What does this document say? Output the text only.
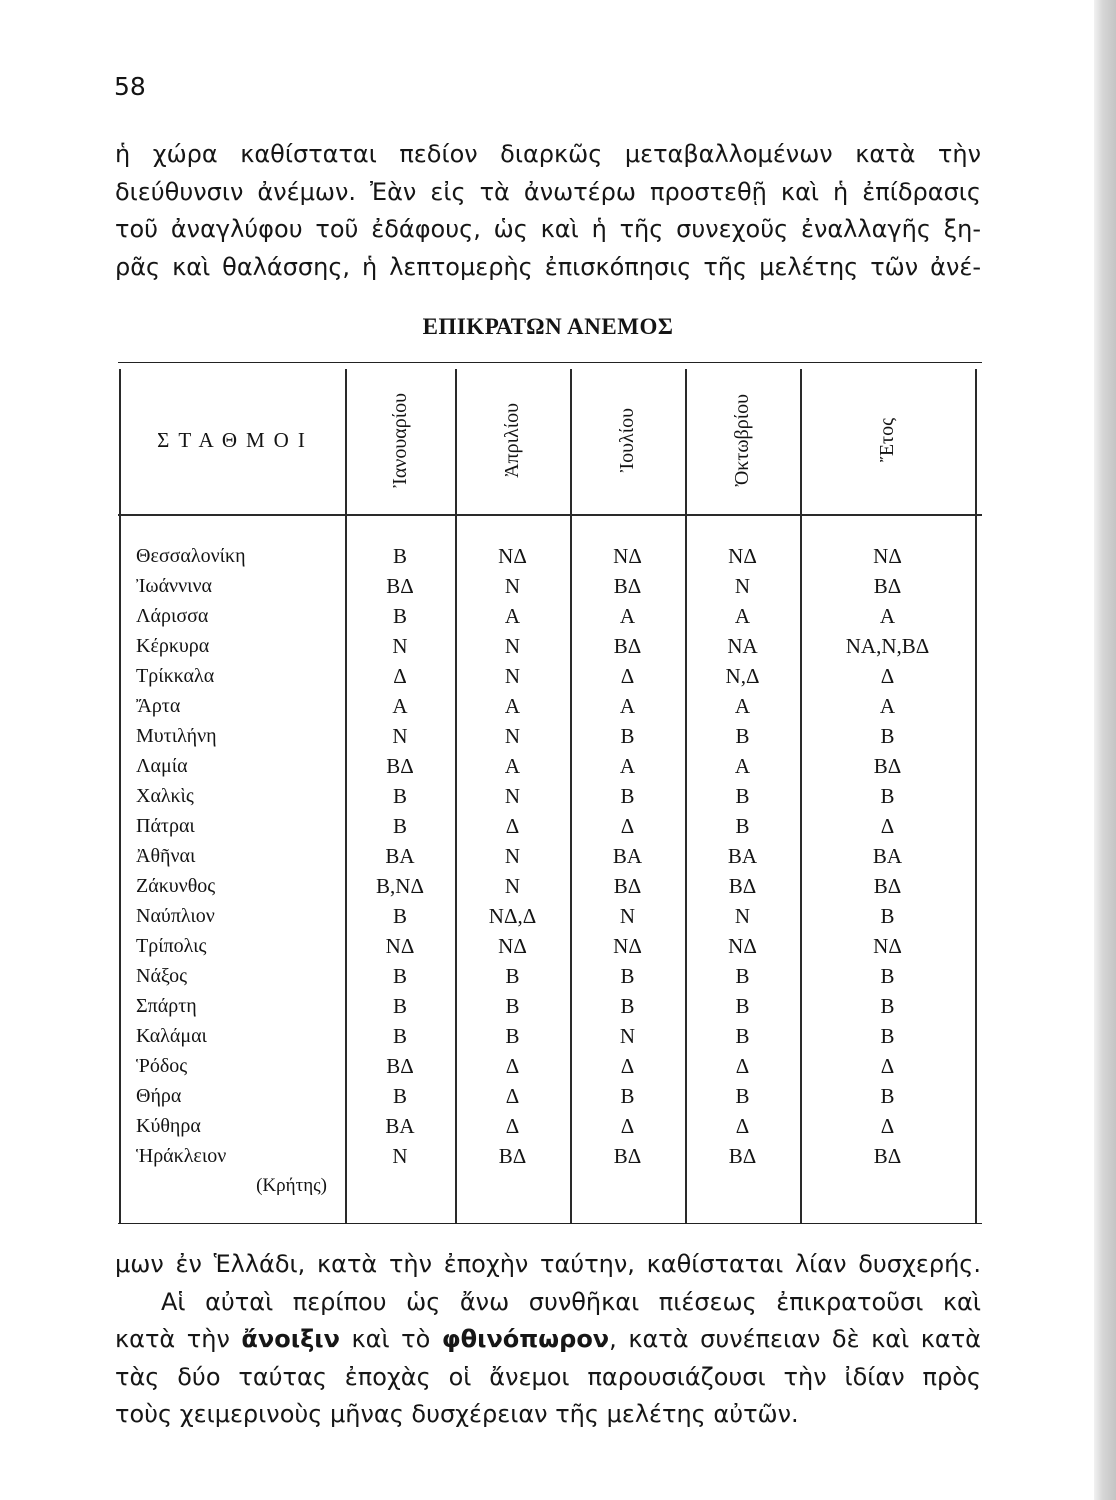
58
ἡ χώρα καθίσταται πεδίον διαρκῶς μεταβαλλομένων κατὰ τὴν
διεύθυνσιν ἀνέμων. Ἐὰν εἰς τὰ ἀνωτέρω προστεθῇ καὶ ἡ ἐπίδρασις
τοῦ ἀναγλύφου τοῦ ἐδάφους, ὡς καὶ ἡ τῆς συνεχοῦς ἐναλλαγῆς ξη-
ρᾶς καὶ θαλάσσης, ἡ λεπτομερὴς ἐπισκόπησις τῆς μελέτης τῶν ἀνέ-
ΕΠΙΚΡΑΤΩΝ ΑΝΕΜΟΣ
ΣΤΑΘΜΟΙ	Ἰανουαρίου	Ἀπριλίου	Ἰουλίου	Ὀκτωβρίου	Ἔτος
Θεσσαλονίκη	Β	ΝΔ	ΝΔ	ΝΔ	ΝΔ
Ἰωάννινα	ΒΔ	Ν	ΒΔ	Ν	ΒΔ
Λάρισσα	Β	Α	Α	Α	Α
Κέρκυρα	Ν	Ν	ΒΔ	ΝΑ	ΝΑ,Ν,ΒΔ
Τρίκκαλα	Δ	Ν	Δ	Ν,Δ	Δ
Ἄρτα	Α	Α	Α	Α	Α
Μυτιλήνη	Ν	Ν	Β	Β	Β
Λαμία	ΒΔ	Α	Α	Α	ΒΔ
Χαλκὶς	Β	Ν	Β	Β	Β
Πάτραι	Β	Δ	Δ	Β	Δ
Ἀθῆναι	ΒΑ	Ν	ΒΑ	ΒΑ	ΒΑ
Ζάκυνθος	Β,ΝΔ	Ν	ΒΔ	ΒΔ	ΒΔ
Ναύπλιον	Β	ΝΔ,Δ	Ν	Ν	Β
Τρίπολις	ΝΔ	ΝΔ	ΝΔ	ΝΔ	ΝΔ
Νάξος	Β	Β	Β	Β	Β
Σπάρτη	Β	Β	Β	Β	Β
Καλάμαι	Β	Β	Ν	Β	Β
Ῥόδος	ΒΔ	Δ	Δ	Δ	Δ
Θήρα	Β	Δ	Β	Β	Β
Κύθηρα	ΒΑ	Δ	Δ	Δ	Δ
Ἡράκλειον	Ν	ΒΔ	ΒΔ	ΒΔ	ΒΔ
(Κρήτης)
μων ἐν Ἑλλάδι, κατὰ τὴν ἐποχὴν ταύτην, καθίσταται λίαν δυσχερής.
Αἱ αὐταὶ περίπου ὡς ἄνω συνθῆκαι πιέσεως ἐπικρατοῦσι καὶ
κατὰ τὴν ἄνοιξιν καὶ τὸ φθινόπωρον, κατὰ συνέπειαν δὲ καὶ κατὰ
τὰς δύο ταύτας ἐποχὰς οἱ ἄνεμοι παρουσιάζουσι τὴν ἰδίαν πρὸς
τοὺς χειμερινοὺς μῆνας δυσχέρειαν τῆς μελέτης αὐτῶν.
